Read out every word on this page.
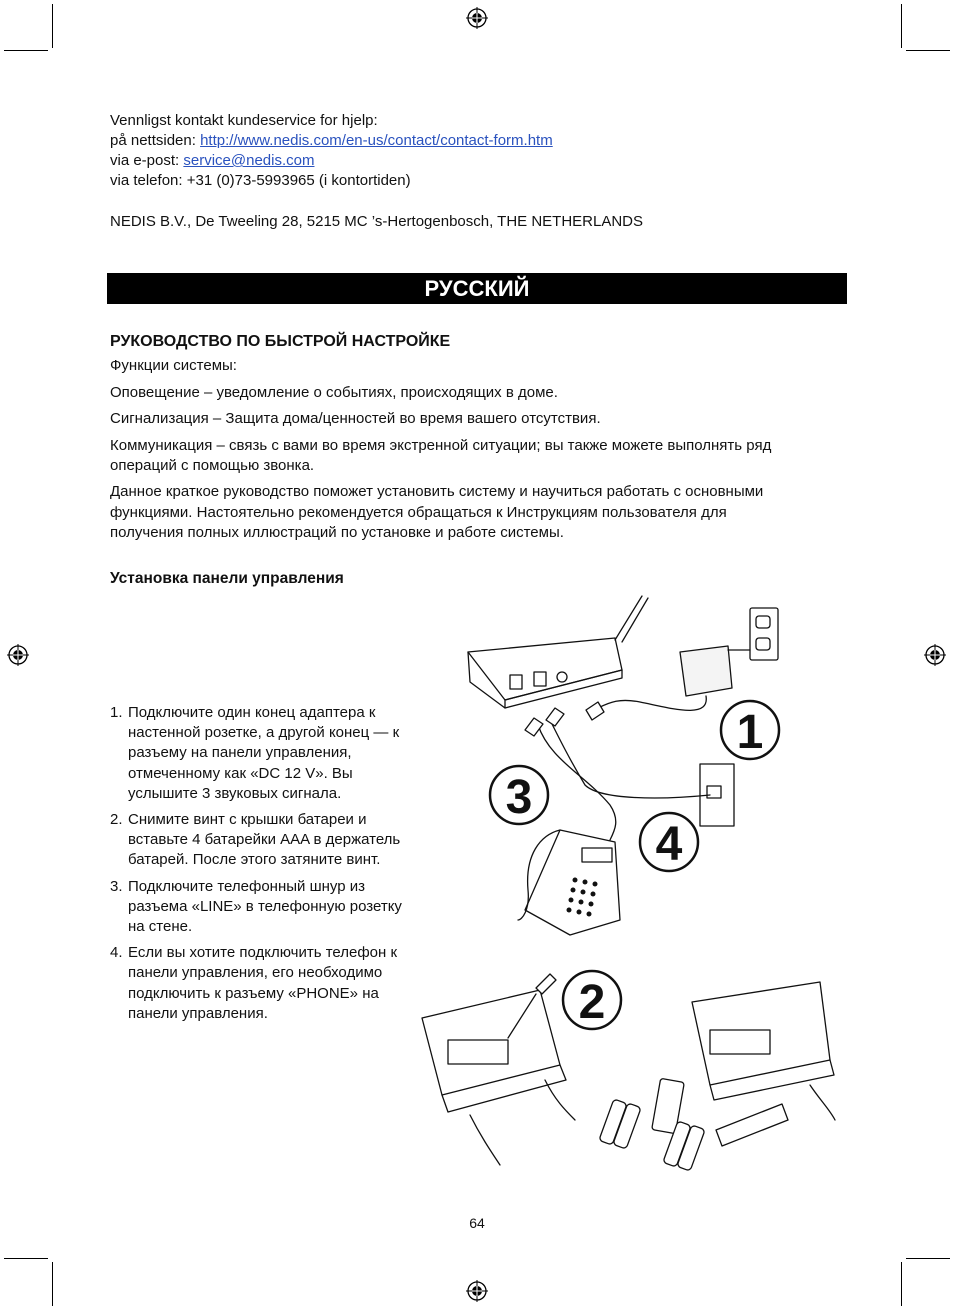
Vennligst kontakt kundeservice for hjelp:
på nettsiden: http://www.nedis.com/en-us/contact/contact-form.htm
via e-post: service@nedis.com
via telefon: +31 (0)73-5993965 (i kontortiden)
NEDIS B.V., De Tweeling 28, 5215 MC ’s-Hertogenbosch, THE NETHERLANDS
РУССКИЙ
РУКОВОДСТВО ПО БЫСТРОЙ НАСТРОЙКЕ
Функции системы:
Оповещение – уведомление о событиях, происходящих в доме.
Сигнализация – Защита дома/ценностей во время вашего отсутствия.
Коммуникация – связь с вами во время экстренной ситуации; вы также можете выполнять ряд
операций с помощью звонка.
Данное краткое руководство поможет установить систему и научиться работать с основными
функциями. Настоятельно рекомендуется обращаться к Инструкциям пользователя для
получения полных иллюстраций по установке и работе системы.
Установка панели управления
1. Подключите один конец адаптера к настенной розетке, а другой конец — к разъему на панели управления, отмеченному как «DC 12 V». Вы услышите 3 звуковых сигнала.
2. Снимите винт с крышки батареи и вставьте 4 батарейки AAA в держатель батарей. После этого затяните винт.
3. Подключите телефонный шнур из разъема «LINE» в телефонную розетку на стене.
4. Если вы хотите подключить телефон к панели управления, его необходимо подключить к разъему «PHONE» на панели управления.
1
3
4
2
64
